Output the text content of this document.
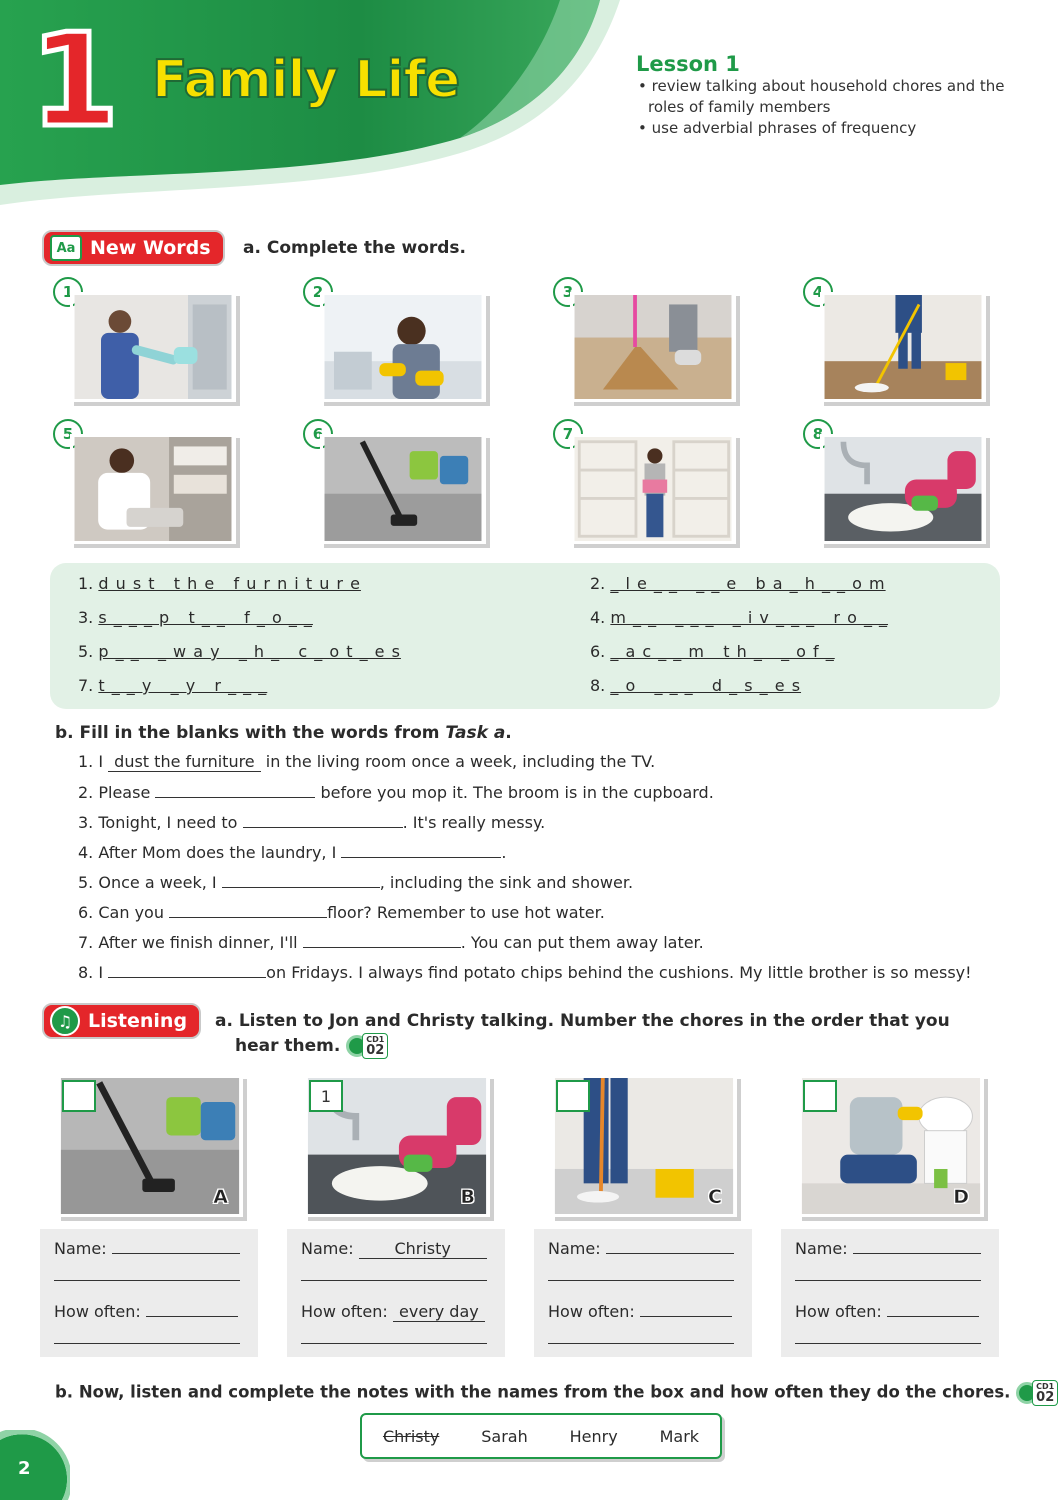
1 Family Life	Lesson 1
• review talking about household chores and the roles of family members
• use adverbial phrases of frequency
Aa New Words a. Complete the words.
1	2	3	4
5	6	7	8
1. d u s t   t h e   f u r n i t u r e	2. _ l e _ _   _ _ e   b a _ h _ _ o m
3. s _ _ _ p   t _ _   f _ o _ _	4. m _ _   _ _ _   _ i v _ _ _   r o _ _
5. p _ _   _ w a y   _ h _   c _ o t _ e s	6. _ a c _ _ m   t h _   _ o f _
7. t _ _ y   _ y   r _ _ _	8. _ o   _ _ _   d _ s _ e s
b. Fill in the blanks with the words from Task a.
1. I dust the furniture in the living room once a week, including the TV.
2. Please	before you mop it. The broom is in the cupboard.
3. Tonight, I need to	. It's really messy.
4. After Mom does the laundry, I	.
5. Once a week, I	, including the sink and shower.
6. Can you	floor? Remember to use hot water.
7. After we finish dinner, I'll	. You can put them away later.
8. I	on Fridays. I always find potato chips behind the cushions. My little brother is so messy!
♫ Listening a. Listen to Jon and Christy talking. Number the chores in the order that you
hear them.	CD1
02
A
1
B	C	D
Name:
How often:
Name:	Christy
How often: every day
Name:
How often:
Name:
How often:
b. Now, listen and complete the notes with the names from the box and how often they do the chores.	CD1
02
Christy	Sarah	Henry	Mark
2
